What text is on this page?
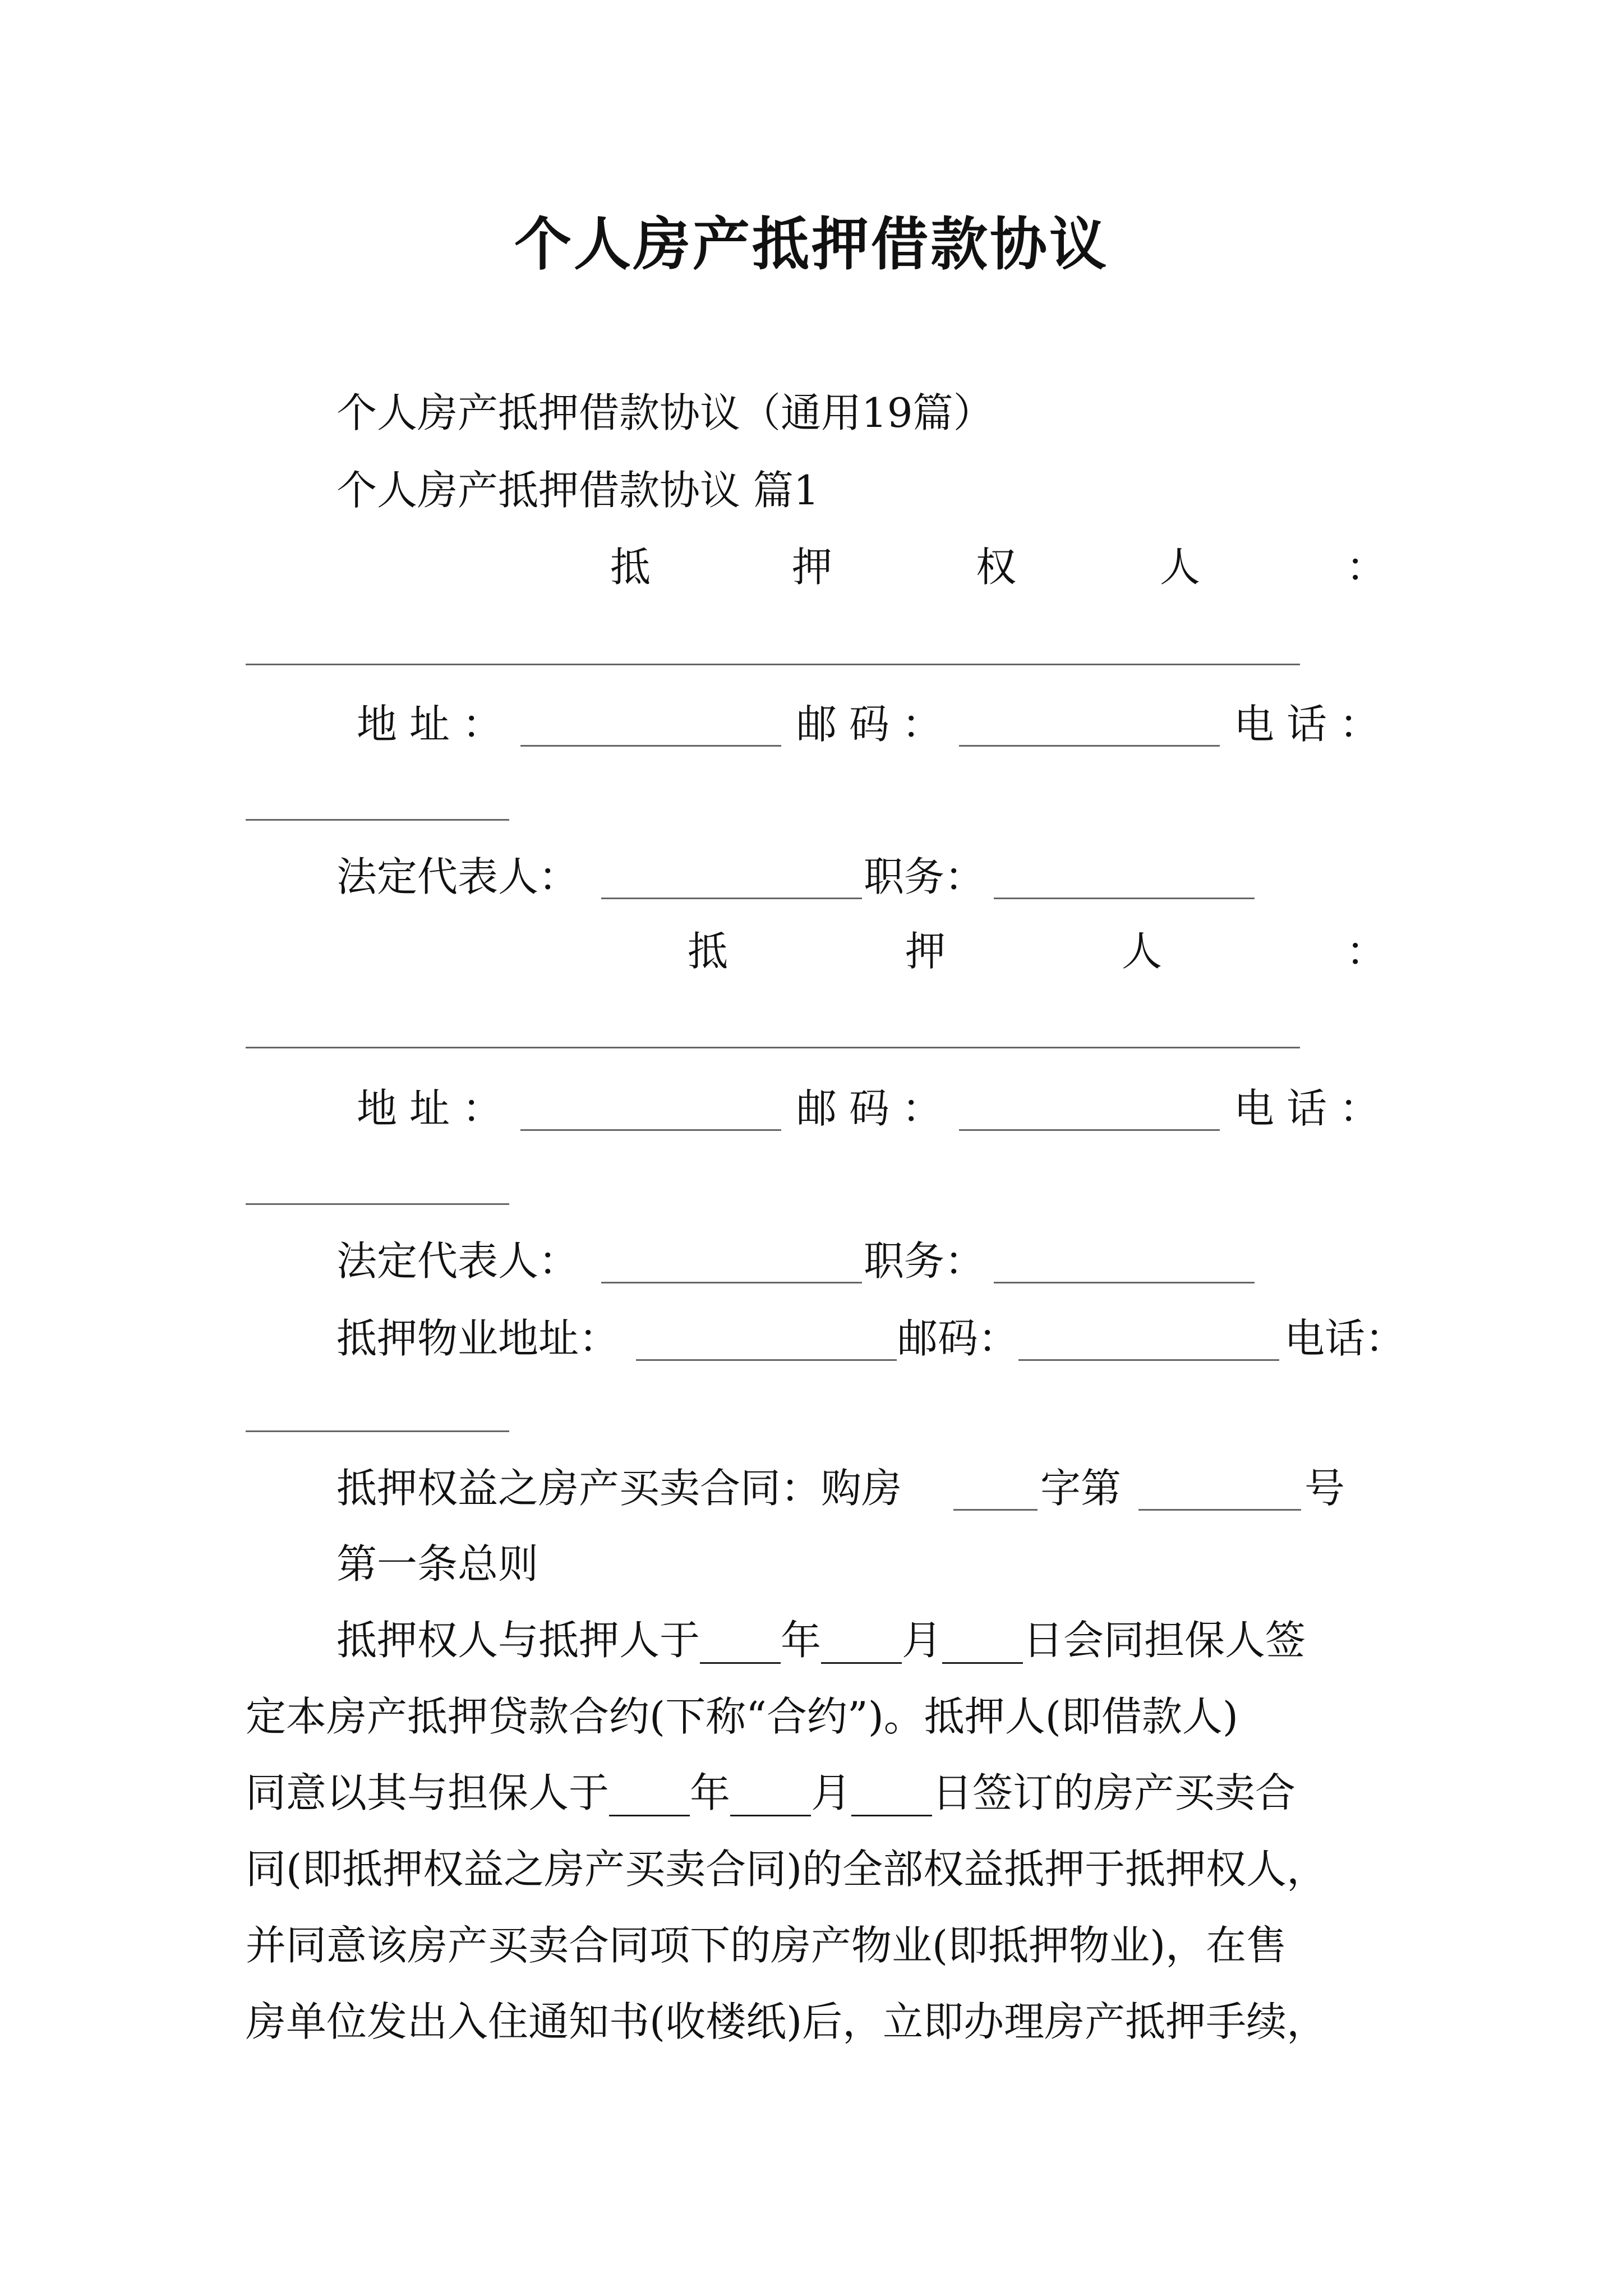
个人房产抵押借款协议
个人房产抵押借款协议（通用19篇）
个人房产抵押借款协议 篇1
抵	押	权	人	：
地址：	邮码：	电话：
法定代表人：	职务：
抵	押	人	：
地址：	邮码：	电话：
法定代表人：	职务：
抵押物业地址：	邮码：	电话：
抵押权益之房产买卖合同：购房	字第	号
第一条总则
抵押权人与抵押人于____年____月____日会同担保人签
定本房产抵押贷款合约(下称“合约”)。抵押人(即借款人)
同意以其与担保人于____年____月____日签订的房产买卖合
同(即抵押权益之房产买卖合同)的全部权益抵押于抵押权人，
并同意该房产买卖合同项下的房产物业(即抵押物业)，在售
房单位发出入住通知书(收楼纸)后，立即办理房产抵押手续，
